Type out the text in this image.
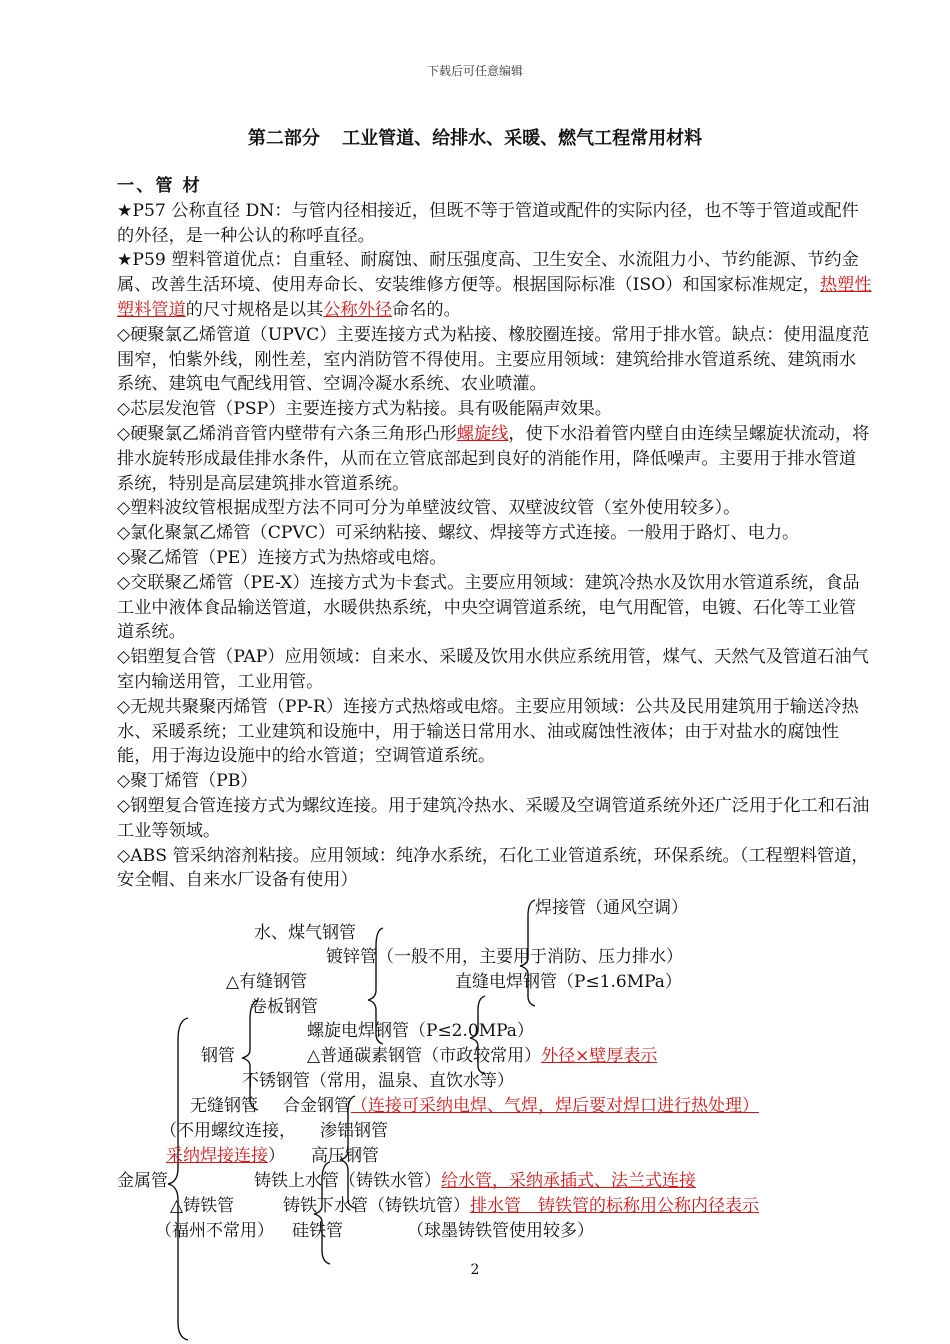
下载后可任意编辑
第二部分 工业管道、给排水、采暖、燃气工程常用材料

一、管 材

★P57 公称直径 DN：与管内径相接近，但既不等于管道或配件的实际内径，也不等于管道或配件的外径，是一种公认的称呼直径。

★P59 塑料管道优点：自重轻、耐腐蚀、耐压强度高、卫生安全、水流阻力小、节约能源、节约金属、改善生活环境、使用寿命长、安装维修方便等。根据国际标准（ISO）和国家标准规定，热塑性塑料管道的尺寸规格是以其公称外径命名的。

◇硬聚氯乙烯管道（UPVC）主要连接方式为粘接、橡胶圈连接。常用于排水管。缺点：使用温度范围窄，怕紫外线，刚性差，室内消防管不得使用。主要应用领域：建筑给排水管道系统、建筑雨水系统、建筑电气配线用管、空调冷凝水系统、农业喷灌。

◇芯层发泡管（PSP）主要连接方式为粘接。具有吸能隔声效果。

◇硬聚氯乙烯消音管内壁带有六条三角形凸形螺旋线，使下水沿着管内壁自由连续呈螺旋状流动，将排水旋转形成最佳排水条件，从而在立管底部起到良好的消能作用，降低噪声。主要用于排水管道系统，特别是高层建筑排水管道系统。

◇塑料波纹管根据成型方法不同可分为单壁波纹管、双壁波纹管（室外使用较多）。

◇氯化聚氯乙烯管（CPVC）可采纳粘接、螺纹、焊接等方式连接。一般用于路灯、电力。

◇聚乙烯管（PE）连接方式为热熔或电熔。

◇交联聚乙烯管（PE-X）连接方式为卡套式。主要应用领域：建筑冷热水及饮用水管道系统，食品工业中液体食品输送管道，水暖供热系统，中央空调管道系统，电气用配管，电镀、石化等工业管道系统。

◇铝塑复合管（PAP）应用领域：自来水、采暖及饮用水供应系统用管，煤气、天然气及管道石油气室内输送用管，工业用管。

◇无规共聚聚丙烯管（PP-R）连接方式热熔或电熔。主要应用领域：公共及民用建筑用于输送冷热水、采暖系统；工业建筑和设施中，用于输送日常用水、油或腐蚀性液体；由于对盐水的腐蚀性能，用于海边设施中的给水管道；空调管道系统。

◇聚丁烯管（PB）

◇钢塑复合管连接方式为螺纹连接。用于建筑冷热水、采暖及空调管道系统外还广泛用于化工和石油工业等领域。

◇ABS 管采纳溶剂粘接。应用领域：纯净水系统，石化工业管道系统，环保系统。（工程塑料管道，安全帽、自来水厂设备有使用）

焊接管（通风空调）
水、煤气钢管
镀锌管（一般不用，主要用于消防、压力排水）
△有缝钢管	直缝电焊钢管（P≤1.6MPa）
卷板钢管
螺旋电焊钢管（P≤2.0MPa）
钢管	△普通碳素钢管（市政较常用）外径×壁厚表示
不锈钢管（常用，温泉、直饮水等）
无缝钢管 合金钢管（连接可采纳电焊、气焊，焊后要对焊口进行热处理）
（不用螺纹连接， 渗铝钢管
采纳焊接连接） 高压钢管
金属管	铸铁上水管（铸铁水管）给水管，采纳承插式、法兰式连接
△铸铁管	铸铁下水管（铸铁坑管）排水管　铸铁管的标称用公称内径表示
（福州不常用） 硅铁管	（球墨铸铁管使用较多）
2
